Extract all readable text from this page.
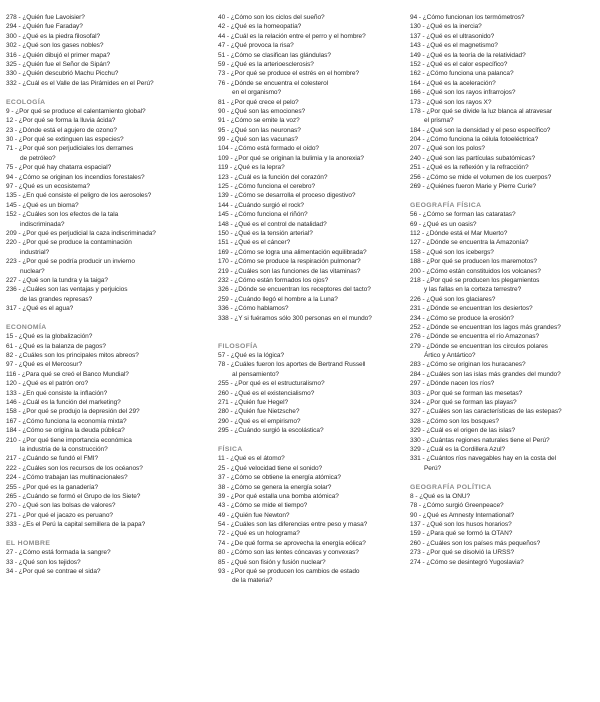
278 - ¿Quién fue Lavoisier?
294 - ¿Quién fue Faraday?
300 - ¿Qué es la piedra filosofal?
302 - ¿Qué son los gases nobles?
316 - ¿Quién dibujó el primer mapa?
325 - ¿Quién fue el Señor de Sipán?
330 - ¿Quién descubrió Machu Picchu?
332 - ¿Cuál es el Valle de las Pirámides en el Perú?
ECOLOGÍA
9 - ¿Por qué se produce el calentamiento global?
12 - ¿Por qué se forma la lluvia ácida?
23 - ¿Dónde está el agujero de ozono?
30 - ¿Por qué se extinguen las especies?
71 - ¿Por qué son perjudiciales los derrames
de petróleo?
75 - ¿Por qué hay chatarra espacial?
94 - ¿Cómo se originan los incendios forestales?
97 - ¿Qué es un ecosistema?
135 - ¿En qué consiste el peligro de los aerosoles?
145 - ¿Qué es un bioma?
152 - ¿Cuáles son los efectos de la tala
indiscriminada?
209 - ¿Por qué es perjudicial la caza indiscriminada?
220 - ¿Por qué se produce la contaminación
industrial?
223 - ¿Por qué se podría producir un invierno
nuclear?
227 - ¿Qué son la tundra y la taiga?
236 - ¿Cuáles son las ventajas y perjuicios
de las grandes represas?
317 - ¿Qué es el agua?
ECONOMÍA
15 - ¿Qué es la globalización?
61 - ¿Qué es la balanza de pagos?
82 - ¿Cuáles son los principales mitos abreos?
97 - ¿Qué es el Mercosur?
116 - ¿Para qué se creó el Banco Mundial?
120 - ¿Qué es el patrón oro?
133 - ¿En qué consiste la inflación?
146 - ¿Cuál es la función del marketing?
158 - ¿Por qué se produjo la depresión del 29?
167 - ¿Cómo funciona la economía mixta?
184 - ¿Cómo se origina la deuda pública?
210 - ¿Por qué tiene importancia económica
la industria de la construcción?
217 - ¿Cuándo se fundó el FMI?
222 - ¿Cuáles son los recursos de los océanos?
224 - ¿Cómo trabajan las multinacionales?
255 - ¿Por qué es la ganadería?
265 - ¿Cuándo se formó el Grupo de los Siete?
270 - ¿Qué son las bolsas de valores?
271 - ¿Por qué el jacazo es peruano?
333 - ¿Es el Perú la capital semillera de la papa?
EL HOMBRE
27 - ¿Cómo está formada la sangre?
33 - ¿Qué son los tejidos?
34 - ¿Por qué se contrae el sida?
40 - ¿Cómo son los ciclos del sueño?
42 - ¿Qué es la homeopatía?
44 - ¿Cuál es la relación entre el perro y el hombre?
47 - ¿Qué provoca la risa?
51 - ¿Cómo se clasifican las glándulas?
59 - ¿Qué es la arterioesclerosis?
73 - ¿Por qué se produce el estrés en el hombre?
76 - ¿Dónde se encuentra el colesterol
en el organismo?
81 - ¿Por qué crece el pelo?
90 - ¿Qué son las emociones?
91 - ¿Cómo se emite la voz?
95 - ¿Qué son las neuronas?
99 - ¿Qué son las vacunas?
104 - ¿Cómo está formado el oído?
109 - ¿Por qué se originan la bulimia y la anorexia?
119 - ¿Qué es la lepra?
123 - ¿Cuál es la función del corazón?
125 - ¿Cómo funciona el cerebro?
139 - ¿Cómo se desarrolla el proceso digestivo?
144 - ¿Cuándo surgió el rock?
145 - ¿Cómo funciona el riñón?
148 - ¿Qué es el control de natalidad?
150 - ¿Qué es la tensión arterial?
151 - ¿Qué es el cáncer?
169 - ¿Cómo se logra una alimentación equilibrada?
170 - ¿Cómo se produce la respiración pulmonar?
219 - ¿Cuáles son las funciones de las vitaminas?
232 - ¿Cómo están formados los ojos?
326 - ¿Dónde se encuentran los receptores del tacto?
259 - ¿Cuándo llegó el hombre a la Luna?
336 - ¿Cómo hablamos?
338 - ¿Y si fuéramos sólo 300 personas en el mundo?
FILOSOFÍA
57 - ¿Qué es la lógica?
78 - ¿Cuáles fueron los aportes de Bertrand Russell
al pensamiento?
255 - ¿Por qué es el estructuralismo?
260 - ¿Qué es el existencialismo?
271 - ¿Quién fue Hegel?
280 - ¿Quién fue Nietzsche?
290 - ¿Qué es el empirismo?
295 - ¿Cuándo surgió la escolástica?
FÍSICA
11 - ¿Qué es el átomo?
25 - ¿Qué velocidad tiene el sonido?
37 - ¿Cómo se obtiene la energía atómica?
38 - ¿Cómo se genera la energía solar?
39 - ¿Por qué estalla una bomba atómica?
43 - ¿Cómo se mide el tiempo?
49 - ¿Quién fue Newton?
54 - ¿Cuáles son las diferencias entre peso y masa?
72 - ¿Qué es un holograma?
74 - ¿De qué forma se aprovecha la energía eólica?
80 - ¿Cómo son las lentes cóncavas y convexas?
85 - ¿Qué son fisión y fusión nuclear?
93 - ¿Por qué se producen los cambios de estado
de la materia?
94 - ¿Cómo funcionan los termómetros?
130 - ¿Qué es la inercia?
137 - ¿Qué es el ultrasonido?
143 - ¿Qué es el magnetismo?
149 - ¿Qué es la teoría de la relatividad?
152 - ¿Qué es el calor específico?
162 - ¿Cómo funciona una palanca?
164 - ¿Qué es la aceleración?
166 - ¿Qué son los rayos infrarrojos?
173 - ¿Qué son los rayos X?
178 - ¿Por qué se divide la luz blanca al atravesar
el prisma?
184 - ¿Qué son la densidad y el peso específico?
204 - ¿Cómo funciona la célula fotoeléctrica?
207 - ¿Qué son los polos?
240 - ¿Qué son las partículas subatómicas?
251 - ¿Qué es la reflexión y la refracción?
256 - ¿Cómo se mide el volumen de los cuerpos?
269 - ¿Quiénes fueron Marie y Pierre Curie?
GEOGRAFÍA FÍSICA
56 - ¿Cómo se forman las cataratas?
69 - ¿Qué es un oasis?
112 - ¿Dónde está el Mar Muerto?
127 - ¿Dónde se encuentra la Amazonía?
158 - ¿Qué son los icebergs?
188 - ¿Por qué se producen los maremotos?
200 - ¿Cómo están constituidos los volcanes?
218 - ¿Por qué se producen los plegamientos
y las fallas en la corteza terrestre?
226 - ¿Qué son los glaciares?
231 - ¿Dónde se encuentran los desiertos?
234 - ¿Cómo se produce la erosión?
252 - ¿Dónde se encuentran los lagos más grandes?
276 - ¿Dónde se encuentra el río Amazonas?
279 - ¿Dónde se encuentran los círculos polares
Ártico y Antártico?
283 - ¿Cómo se originan los huracanes?
284 - ¿Cuáles son las islas más grandes del mundo?
297 - ¿Dónde nacen los ríos?
303 - ¿Por qué se forman las mesetas?
324 - ¿Por qué se forman las playas?
327 - ¿Cuáles son las características de las estepas?
328 - ¿Cómo son los bosques?
329 - ¿Cuál es el origen de las islas?
330 - ¿Cuántas regiones naturales tiene el Perú?
329 - ¿Cuál es la Cordillera Azul?
331 - ¿Cuántos ríos navegables hay en la costa del
Perú?
GEOGRAFÍA POLÍTICA
8 - ¿Qué es la ONU?
78 - ¿Cómo surgió Greenpeace?
90 - ¿Qué es Amnesty International?
137 - ¿Qué son los husos horarios?
159 - ¿Para qué se formó la OTAN?
260 - ¿Cuáles son los países más pequeños?
273 - ¿Por qué se disolvió la URSS?
274 - ¿Cómo se desintegró Yugoslavia?
